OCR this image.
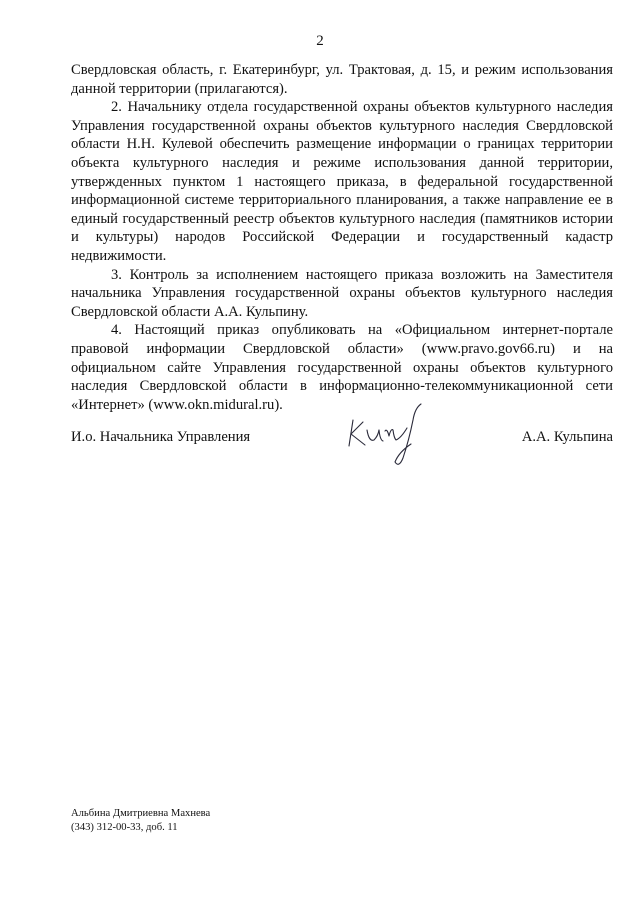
2

Свердловская область, г. Екатеринбург, ул. Трактовая, д. 15, и режим использования данной территории (прилагаются).

2. Начальнику отдела государственной охраны объектов культурного наследия Управления государственной охраны объектов культурного наследия Свердловской области Н.Н. Кулевой обеспечить размещение информации о границах территории объекта культурного наследия и режиме использования данной территории, утвержденных пунктом 1 настоящего приказа, в федеральной государственной информационной системе территориального планирования, а также направление ее в единый государственный реестр объектов культурного наследия (памятников истории и культуры) народов Российской Федерации и государственный кадастр недвижимости.

3. Контроль за исполнением настоящего приказа возложить на Заместителя начальника Управления государственной охраны объектов культурного наследия Свердловской области А.А. Кульпину.

4. Настоящий приказ опубликовать на «Официальном интернет-портале правовой информации Свердловской области» (www.pravo.gov66.ru) и на официальном сайте Управления государственной охраны объектов культурного наследия Свердловской области в информационно-телекоммуникационной сети «Интернет» (www.okn.midural.ru).

И.о. Начальника Управления	А.А. Кульпина
Альбина Дмитриевна Махнева
(343) 312-00-33, доб. 11
